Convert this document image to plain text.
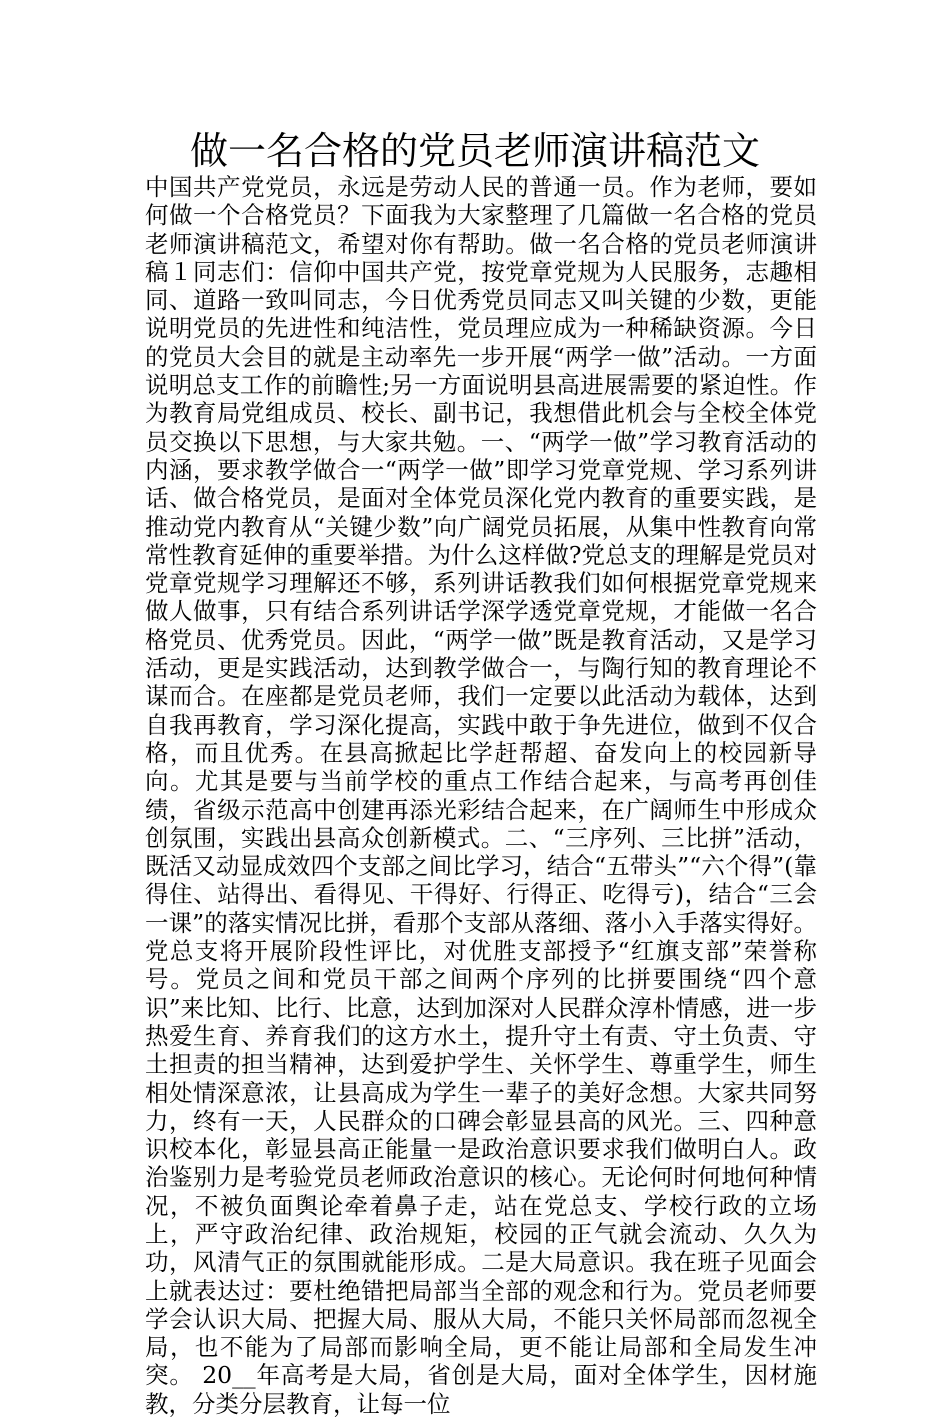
做一名合格的党员老师演讲稿范文

中国共产党党员，永远是劳动人民的普通一员。作为老师，要如何做一个合格党员？下面我为大家整理了几篇做一名合格的党员老师演讲稿范文，希望对你有帮助。做一名合格的党员老师演讲稿１同志们：信仰中国共产党，按党章党规为人民服务，志趣相同、道路一致叫同志，今日优秀党员同志又叫关键的少数，更能说明党员的先进性和纯洁性，党员理应成为一种稀缺资源。今日的党员大会目的就是主动率先一步开展“两学一做”活动。一方面说明总支工作的前瞻性;另一方面说明县高进展需要的紧迫性。作为教育局党组成员、校长、副书记，我想借此机会与全校全体党员交换以下思想，与大家共勉。一、“两学一做”学习教育活动的内涵，要求教学做合一“两学一做”即学习党章党规、学习系列讲话、做合格党员，是面对全体党员深化党内教育的重要实践，是推动党内教育从“关键少数”向广阔党员拓展，从集中性教育向常常性教育延伸的重要举措。为什么这样做?党总支的理解是党员对党章党规学习理解还不够，系列讲话教我们如何根据党章党规来做人做事，只有结合系列讲话学深学透党章党规，才能做一名合格党员、优秀党员。因此，“两学一做”既是教育活动，又是学习活动，更是实践活动，达到教学做合一，与陶行知的教育理论不谋而合。在座都是党员老师，我们一定要以此活动为载体，达到自我再教育，学习深化提高，实践中敢于争先进位，做到不仅合格，而且优秀。在县高掀起比学赶帮超、奋发向上的校园新导向。尤其是要与当前学校的重点工作结合起来，与高考再创佳绩，省级示范高中创建再添光彩结合起来，在广阔师生中形成众创氛围，实践出县高众创新模式。二、“三序列、三比拼”活动，既活又动显成效四个支部之间比学习，结合“五带头”“六个得”(靠得住、站得出、看得见、干得好、行得正、吃得亏)，结合“三会一课”的落实情况比拼，看那个支部从落细、落小入手落实得好。党总支将开展阶段性评比，对优胜支部授予“红旗支部”荣誉称号。党员之间和党员干部之间两个序列的比拼要围绕“四个意识”来比知、比行、比意，达到加深对人民群众淳朴情感，进一步热爱生育、养育我们的这方水土，提升守土有责、守土负责、守土担责的担当精神，达到爱护学生、关怀学生、尊重学生，师生相处情深意浓，让县高成为学生一辈子的美好念想。大家共同努力，终有一天，人民群众的口碑会彰显县高的风光。三、四种意识校本化，彰显县高正能量一是政治意识要求我们做明白人。政治鉴别力是考验党员老师政治意识的核心。无论何时何地何种情况，不被负面舆论牵着鼻子走，站在党总支、学校行政的立场上，严守政治纪律、政治规矩，校园的正气就会流动、久久为功，风清气正的氛围就能形成。二是大局意识。我在班子见面会上就表达过：要杜绝错把局部当全部的观念和行为。党员老师要学会认识大局、把握大局、服从大局，不能只关怀局部而忽视全局，也不能为了局部而影响全局，更不能让局部和全局发生冲突。 20__年高考是大局，省创是大局，面对全体学生，因材施教，分类分层教育，让每一位
